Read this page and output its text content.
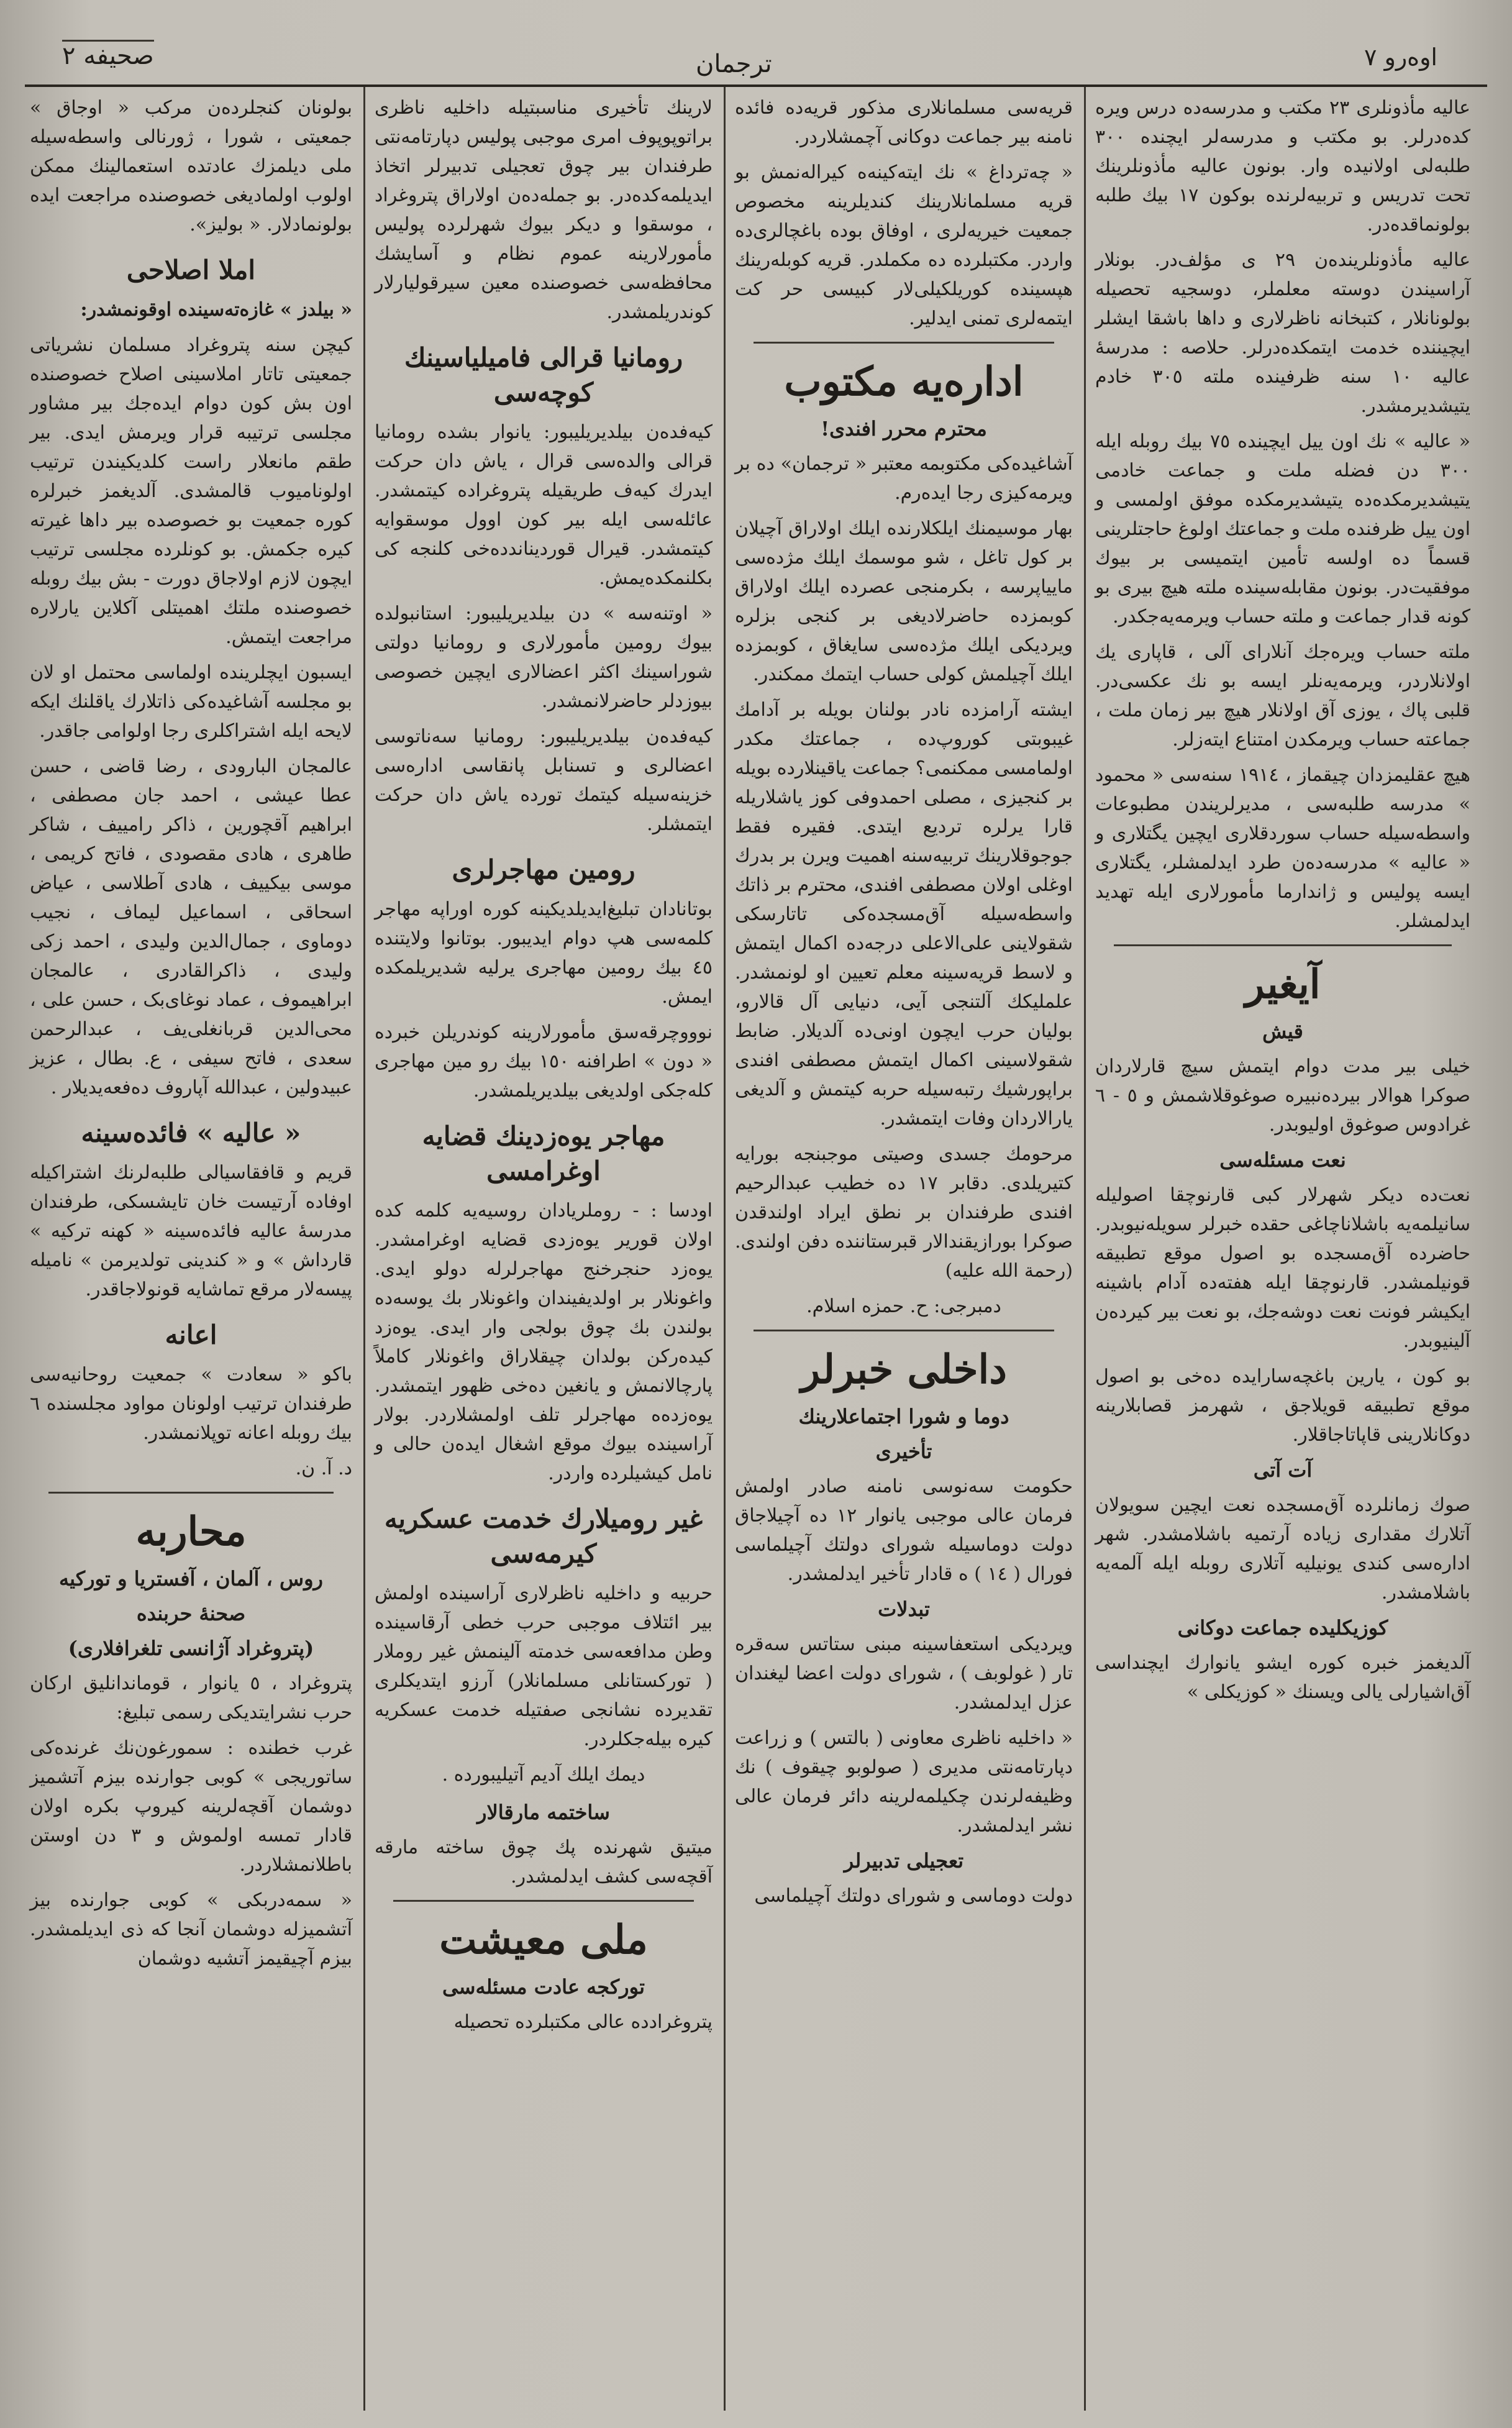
اوه‌رو ٧
ترجمان
صحیفه ٢

عالیه مأذونلری ٢٣ مکتب و مدرسه‌ده درس ویره کده‌درلر. بو مکتب و مدرسه‌لر ایچنده ٣٠٠ طلبه‌لی اولانیده وار. بونون عالیه مأذونلرینك تحت تدریس و تربیه‌لرنده بوکون ١٧ بیك طلبه بولونماقده‌در.

عالیه مأذونلرینده‌ن ٢٩ ی مؤلف‌در. بونلار آراسیندن دوسته معلملر، دوسجیه تحصیله بولونانلار ، کتبخانه ناظرلاری و داها باشقا ایشلر ایچیننده خدمت ایتمکده‌درلر. حلاصه : مدرسهٔ عالیه ١٠ سنه ظرفینده ملته ٣٠٥ خادم یتیشدیرمشدر.

« عالیه » نك اون ییل ایچینده ٧٥ بیك روبله ایله ٣٠٠ دن فضله ملت و جماعت خادمی یتیشدیرمکده‌ده یتیشدیرمکده موفق اولمسی و اون ییل ظرفنده ملت و جماعتك اولوغ حاجتلرینی قسماً ده اولسه تأمین ایتمیسی بر بیوك موفقیت‌در. بونون مقابله‌سینده ملته هیچ بیری بو کونه قدار جماعت و ملته حساب ویرمه‌یه‌جکدر.

ملته حساب ویره‌جك آنلارای آلی ، قاپاری یك اولانلاردر، ویرمه‌یه‌نلر ایسه بو نك عکسی‌در. قلبی پاك ، یوزی آق اولانلار هیچ بیر زمان ملت ، جماعته حساب ویرمکدن امتناع ایته‌زلر.

هیچ عقلیمزدان چیقماز ، ١٩١٤ سنه‌سی « محمود » مدرسه طلبه‌سی ، مدیرلریندن مطبوعات واسطه‌سیله حساب سوردقلاری ایچین یگتلاری و « عالیه » مدرسه‌ده‌ن طرد ایدلمشلر، یگتلاری ایسه پولیس و ژاندارما مأمورلاری ایله تهدید ایدلمشلر.

آیغیر
قیش

خیلی بیر مدت دوام ایتمش سیچ قارلاردان صوکرا هوالار بیرده‌نبیره صوغوقلاشمش و ٥ - ٦ غرادوس صوغوق اولیوبدر.

نعت مسئله‌سی

نعت‌ده دیکر شهرلار کبی قارنوچقا اصولیله سانیلمه‌یه باشلاناچاغی حقده خبرلر سویله‌نیوبدر. حاضرده آق‌مسجده بو اصول موقع تطبیقه قونیلمشدر. قارنوچقا ایله هفته‌ده آدام باشینه ایکیشر فونت نعت دوشه‌جك، بو نعت بیر کیرده‌ن آلینیوبدر.

بو کون ، یارین باغچه‌سارایده ده‌خی بو اصول موقع تطبیقه قویلاجق ، شهرمز قصابلارینه دوکانلارینی قاپاتاجاقلار.

آت آتی

صوك زمانلرده آق‌مسجده نعت ایچین سویولان آتلارك مقداری زیاده آرتمیه باشلامشدر. شهر اداره‌سی کندی یونیلیه آتلاری روبله ایله آلمه‌یه باشلامشدر.

کوزیکلیده جماعت دوکانی

آلدیغمز خبره کوره ایشو یانوارك ایچنداسی آق‌اشیارلی یالی ویسنك « کوزیکلی »

قریه‌سی مسلمانلاری مذکور قریه‌ده فائده نامنه بیر جماعت دوکانی آچمشلاردر.

« چه‌ترداغ » نك ایته‌کینه‌ه کیراله‌نمش بو قریه مسلمانلارینك کندیلرینه مخصوص جمعیت خیریه‌لری ، اوفاق بوده باغچالری‌ده واردر. مکتبلرده ده‌ مکملدر. قریه کوبله‌رینك هپسینده کوریلکیلی‌لار کبیسی حر کت ایتمه‌لری تمنی ایدلیر.

اداره‌یه مکتوب
محترم محرر افندی!

آشاغیده‌کی مکتوبمه معتبر « ترجمان» ده‌ بر ویرمه‌کیزی رجا ایده‌رم.

بهار موسیمنك ایلکلارنده ایلك اولاراق آچیلان بر کول تاغل ، شو موسمك ایلك مژده‌سی ماییاپرسه ، بکرمنجی عصرده ایلك اولاراق کوبمزده حاضرلادیغی بر کنجی بزلره ویردیکی ایلك مژده‌سی سایغاق ، کوبمزده ایلك آچیلمش کولی حساب ایتمك ممکندر.

ایشته آرامزده نادر بولنان بویله بر آدامك غیبوبتی کوروپ‌ده ، جماعتك مکدر اولمامسی ممکنمی؟ جماعت یاقینلارده بویله بر کنجیزی ، مصلی احمدوفی کوز یاشلاریله قارا یرلره تردیع ایتدی. فقیره فقط جوجوقلارینك تربیه‌سنه اهمیت ویرن بر بدرك اوغلی اولان مصطفی افندی، محترم بر ذاتك واسطه‌سیله آق‌مسجده‌کی تاتارسکی شقولاینی علی‌الاعلی درجه‌ده اکمال ایتمش و لاسط قریه‌سینه معلم تعیین او لونمشدر. علملیکك آلتنجی آیی، دنیایی آل قالارو، بولیان حرب ایچون اونی‌ده آلدیلار. ضابط شقولاسینی اکمال ایتمش مصطفی افندی براپورشیك رتبه‌سیله حربه کیتمش و آلدیغی یارالاردان وفات ایتمشدر.

مرحومك جسدی وصیتی موجبنجه بورایه کتیریلدی. دقابر ١٧ ده خطیب عبدالرحیم افندی طرفندان بر نطق ایراد اولندقدن صوکرا بورازیقندالار قبرستاننده دفن اولندی. (رحمة الله علیه)

دمبرجی: ح. حمزه اسلام.
داخلی خبرلر
دوما و شورا اجتماعلارینك
تأخیری

حکومت سه‌نوسی نامنه صادر اولمش فرمان عالی موجبی یانوار ١٢ ده آچیلاجاق دولت دوماسیله شورای دولتك آچیلماسی فورال ( ١٤ ) ه قادار تأخیر ایدلمشدر.

تبدلات

ویردیکی استعفاسینه مبنی ستاتس سه‌قره تار ( غولوبف ) ، شورای دولت اعضا لیغندان عزل ایدلمشدر.

« داخلیه ناظری معاونی ( بالتس ) و زراعت دپارتامه‌نتی مدیری ( صولوبو چیقوف ) نك وظیفه‌لرندن چکیلمه‌لرینه دائر فرمان عالی نشر ایدلمشدر.

تعجیلی تدبیرلر

دولت دوماسی و شورای دولتك آچیلماسی

لارینك تأخیری مناسبتیله داخلیه ناظری براتوپوپوف امری موجبی پولیس دپارتامه‌نتی طرفندان بیر چوق تعجیلی تدبیرلر اتخاذ ایدیلمه‌کده‌در. بو جمله‌ده‌ن اولاراق پتروغراد ، موسقوا و دیکر بیوك شهرلرده پولیس مأمورلارینه عموم نظام و آسایشك محافظه‌سی خصوصنده معین سیرقولیارلار کوندریلمشدر.

رومانیا قرالی فامیلیاسینك کوچه‌سی

کیه‌فده‌ن بیلدیریلیبور: یانوار بشده رومانیا قرالی والده‌سی قرال ، یاش دان حرکت ایدرك کیه‌ف طریقیله پتروغراده کیتمشدر. عائله‌سی ایله بیر کون اوول موسقوایه کیتمشدر. قیرال قوردیناندده‌خی کلنجه کی بکلنمکده‌یمش.

« اوتنه‌سه » دن بیلدیریلیبور: استانبولده بیوك رومین مأمورلاری و رومانیا دولتی شوراسینك اکثر اعضالاری ایچین خصوصی بیوزدلر حاضرلانمشدر.

کیه‌فده‌ن بیلدیریلیبور: رومانیا سه‌ناتوسی اعضالری و تسنابل پانقاسی اداره‌سی خزینه‌سیله کیتمك تورده یاش دان حرکت ایتمشلر.

رومین مهاجرلری

بوتانادان تبلیغ‌ایدیلدیکینه کوره اوراپه مهاجر کلمه‌سی هپ دوام ایدیبور. بوتانوا ولایتنده ٤٥ بیك رومین مهاجری یرلیه شدیریلمکده ایمش.

نوووچرقه‌سق مأمورلارینه کوندریلن خبرده « دون » اطرافنه ١٥٠ بیك رو مین مهاجری کله‌جکی اولدیغی بیلدیریلمشدر.

مهاجر یوه‌زدینك قضایه اوغرامسی

اودسا : - روملریادان روسیه‌یه کلمه کده اولان قوریر یوه‌زدی قضایه اوغرامشدر. یوه‌زد حنجرخنج مهاجرلرله دولو ایدی. واغونلار بر اولدیفیندان واغونلار بك یوسه‌ده بولندن بك چوق بولجی وار ایدی. یوه‌زد کیده‌رکن بولدان چیقلاراق واغونلار کاملاً پارچالانمش و یانغین ده‌خی ظهور ایتمشدر. یوه‌زده‌ه مهاجرلر تلف اولمشلاردر. بولار آراسینده بیوك موقع اشغال ایده‌ن حالی و نامل کیشیلرده واردر.

غیر رومیلارك خدمت عسکریه کیرمه‌سی

حربیه و داخلیه ناظرلاری آراسینده اولمش بیر ائتلاف موجبی حرب خطی آرقاسینده وطن مدافعه‌سی خدمته آلینمش غیر روملار ( تورکستانلی مسلمانلار) آرزو ایتدیکلری تقدیرده نشانجی صفتیله خدمت عسکریه کیره بیله‌جکلردر.

دیمك ایلك آدیم آتیلیبورده .
ساختمه مارقالار

میتیق شهرنده پك چوق ساخته مارقه آقچه‌سی کشف ایدلمشدر.

ملی معیشت
تورکجه عادت مسئله‌سی

پتروغرادده عالی مکتبلرده تحصیله

بولونان کنجلرده‌ن مرکب « اوجاق » جمعیتی ، شورا ، ژورنالی واسطه‌سیله ملی دیلمزك عادتده استعمالینك ممکن اولوب اولمادیغی خصوصنده مراجعت ایده بولونمادلار. « بولیز».

املا اصلاحی

« بیلدز » غازه‌ته‌سینده اوقونمشدر:

کیچن سنه پتروغراد مسلمان نشریاتی جمعیتی تاتار املاسینی اصلاح خصوصنده اون بش کون دوام ایده‌جك بیر مشاور مجلسی ترتیبه قرار ویرمش ایدی. بیر طقم مانعلار راست کلدیکیندن ترتیب اولونامیوب قالمشدی. آلدیغمز خبرلره کوره جمعیت بو خصوصده بیر داها غیرته کیره جکمش. بو کونلرده مجلسی ترتیب ایچون لازم اولاجاق دورت - بش بیك روبله خصوصنده ملتك اهمیتلی آکلاین یارلاره مراجعت ایتمش.

ایسبون ایچلرینده اولماسی محتمل او لان بو مجلسه آشاغیده‌کی ذاتلارك یاقلنك ایکه لایحه ایله اشتراکلری رجا اولوامی جاقدر.

عالمجان البارودی ، رضا قاضی ، حسن عطا عیشی ، احمد جان مصطفی ، ابراهیم آقچورین ، ذاکر رامییف ، شاکر طاهری ، هادی مقصودی ، فاتح کریمی ، موسی بیکییف ، هادی آطلاسی ، عیاض اسحاقی ، اسماعیل لیماف ، نجیب دوماوی ، جمال‌الدین ولیدی ، احمد زکی ولیدی ، ذاکرالقادری ، عالمجان ابراهیموف ، عماد نوغای‌بک ، حسن علی ، محی‌الدین قربانغلی‌یف ، عبدالرحمن سعدی ، فاتح سیفی ، ع. بطال ، عزیز عبیدولین ، عبدالله آپاروف ده‌فعه‌یدیلار .

« عالیه » فائده‌سینه

قریم و قافقاسیالی طلبه‌لرنك اشتراکیله اوفاده آرتیست خان تایشسکی، طرفندان مدرسهٔ عالیه فائده‌سینه « کهنه ترکیه » قارداش » و « کندینی تولدیرمن » نامیله پیسه‌لار مرقع تماشایه قونولاجاقدر.

اعانه

باکو « سعادت » جمعیت روحانیه‌سی طرفندان ترتیب اولونان مواود مجلسنده ٦ بیك روبله اعانه توپلانمشدر.

د. آ. ن.

محاربه
روس ، آلمان ، آفستریا و تورکیه
صحنهٔ حربنده
(پتروغراد آژانسی تلغرافلاری)

پتروغراد ، ٥ یانوار ، قوماندانلیق ارکان حرب نشرایتدیکی رسمی تبلیغ:

غرب خطنده : سمورغون‌نك غرنده‌کی ساتوریجی » کوبی جوارنده بیزم آتشمیز دوشمان آقچه‌لرینه کیروپ بکره اولان قادار تمسه اولموش و ٣ دن اوستن باطلانمشلاردر.

« سمه‌دربکی » کوبی جوارنده بیز آتشمیزله دوشمان آنجا که ذی ایدیلمشدر. بیزم آچیقیمز آتشیه دوشمان
